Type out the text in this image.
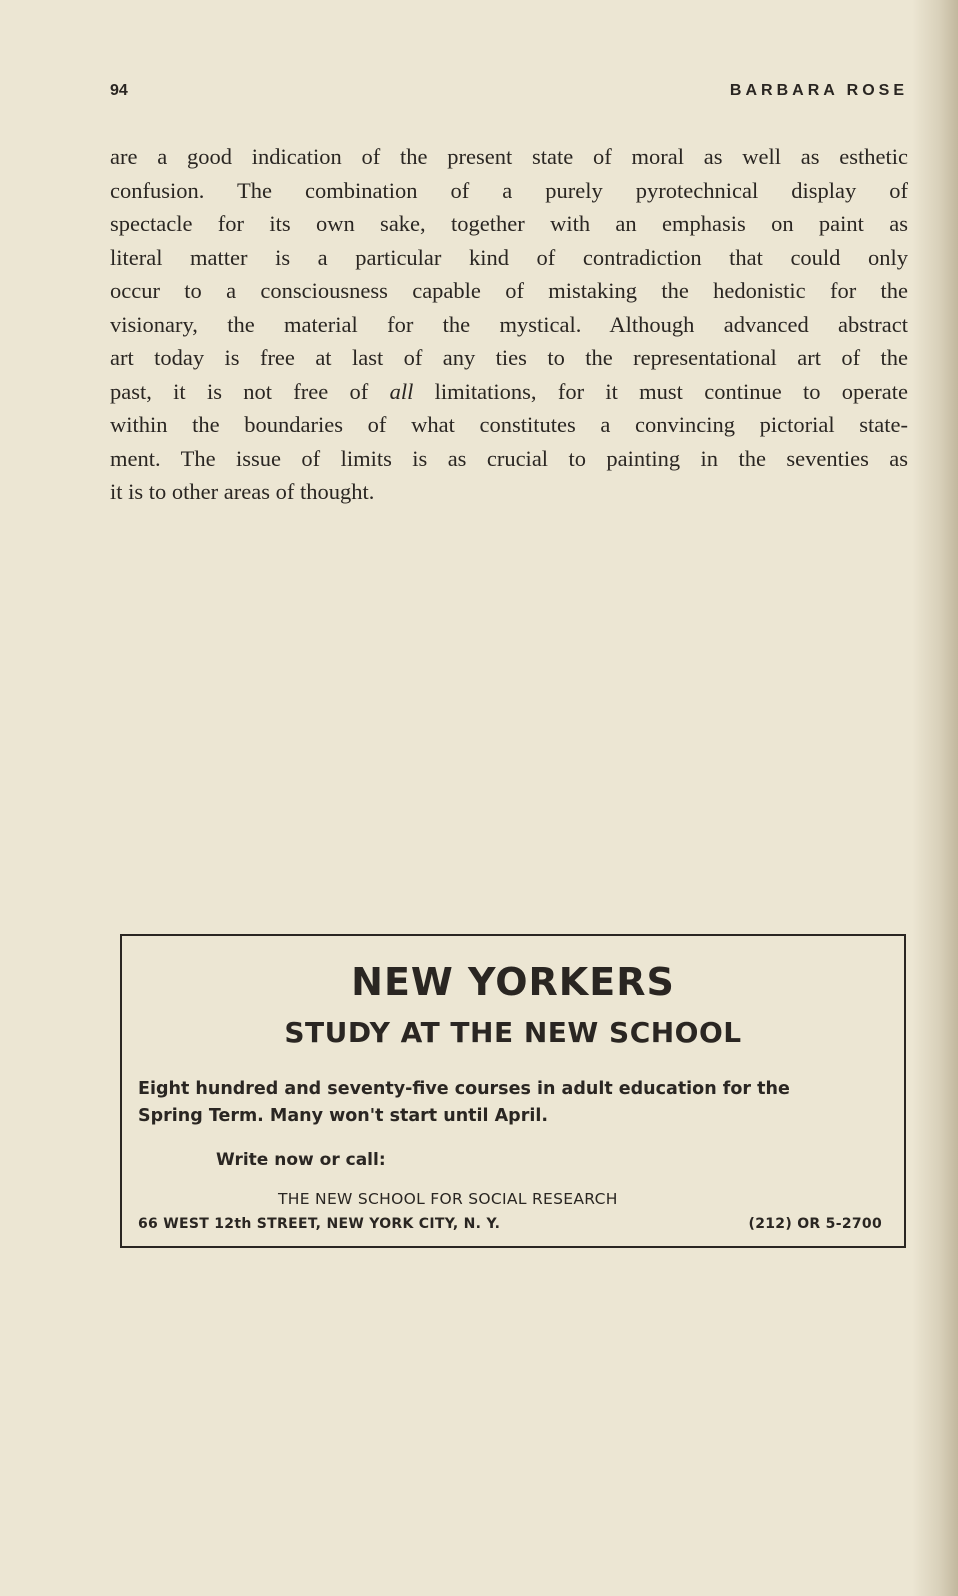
94	BARBARA ROSE
are a good indication of the present state of moral as well as esthetic
confusion. The combination of a purely pyrotechnical display of
spectacle for its own sake, together with an emphasis on paint as
literal matter is a particular kind of contradiction that could only
occur to a consciousness capable of mistaking the hedonistic for the
visionary, the material for the mystical. Although advanced abstract
art today is free at last of any ties to the representational art of the
past, it is not free of all limitations, for it must continue to operate
within the boundaries of what constitutes a convincing pictorial state-
ment. The issue of limits is as crucial to painting in the seventies as
it is to other areas of thought.
NEW YORKERS
STUDY AT THE NEW SCHOOL
Eight hundred and seventy-five courses in adult education for the
Spring Term. Many won't start until April.
Write now or call:
THE NEW SCHOOL FOR SOCIAL RESEARCH
66 WEST 12th STREET, NEW YORK CITY, N. Y.	(212) OR 5-2700
